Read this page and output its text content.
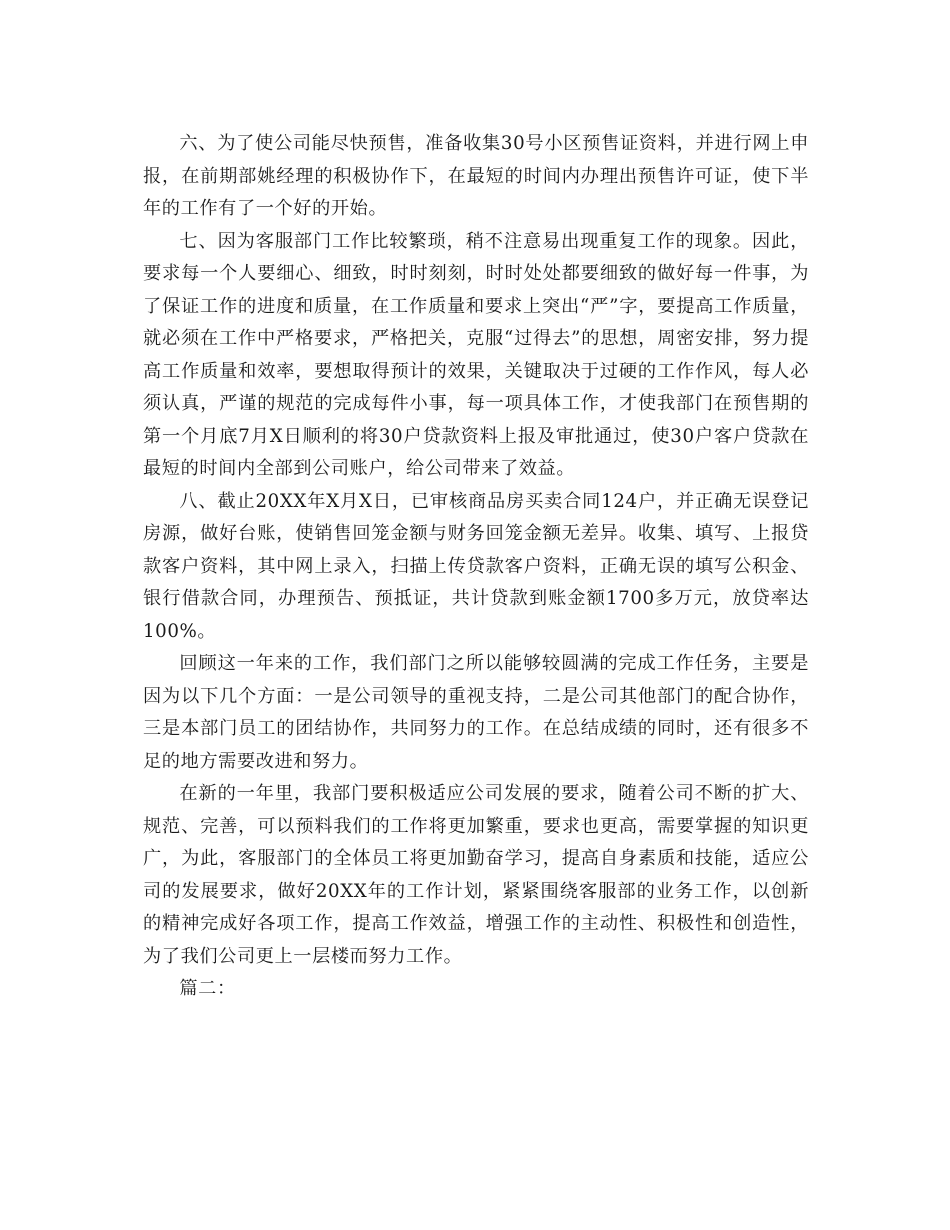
六、为了使公司能尽快预售，准备收集30号小区预售证资料，并进行网上申报，在前期部姚经理的积极协作下，在最短的时间内办理出预售许可证，使下半年的工作有了一个好的开始。

七、因为客服部门工作比较繁琐，稍不注意易出现重复工作的现象。因此，要求每一个人要细心、细致，时时刻刻，时时处处都要细致的做好每一件事，为了保证工作的进度和质量，在工作质量和要求上突出“严”字，要提高工作质量，就必须在工作中严格要求，严格把关，克服“过得去”的思想，周密安排，努力提高工作质量和效率，要想取得预计的效果，关键取决于过硬的工作作风，每人必须认真，严谨的规范的完成每件小事，每一项具体工作，才使我部门在预售期的第一个月底7月X日顺利的将30户贷款资料上报及审批通过，使30户客户贷款在最短的时间内全部到公司账户，给公司带来了效益。

八、截止20XX年X月X日，已审核商品房买卖合同124户，并正确无误登记房源，做好台账，使销售回笼金额与财务回笼金额无差异。收集、填写、上报贷款客户资料，其中网上录入，扫描上传贷款客户资料，正确无误的填写公积金、银行借款合同，办理预告、预抵证，共计贷款到账金额1700多万元，放贷率达100%。

回顾这一年来的工作，我们部门之所以能够较圆满的完成工作任务，主要是因为以下几个方面：一是公司领导的重视支持，二是公司其他部门的配合协作，三是本部门员工的团结协作，共同努力的工作。在总结成绩的同时，还有很多不足的地方需要改进和努力。

在新的一年里，我部门要积极适应公司发展的要求，随着公司不断的扩大、规范、完善，可以预料我们的工作将更加繁重，要求也更高，需要掌握的知识更广，为此，客服部门的全体员工将更加勤奋学习，提高自身素质和技能，适应公司的发展要求，做好20XX年的工作计划，紧紧围绕客服部的业务工作，以创新的精神完成好各项工作，提高工作效益，增强工作的主动性、积极性和创造性，为了我们公司更上一层楼而努力工作。

篇二：
